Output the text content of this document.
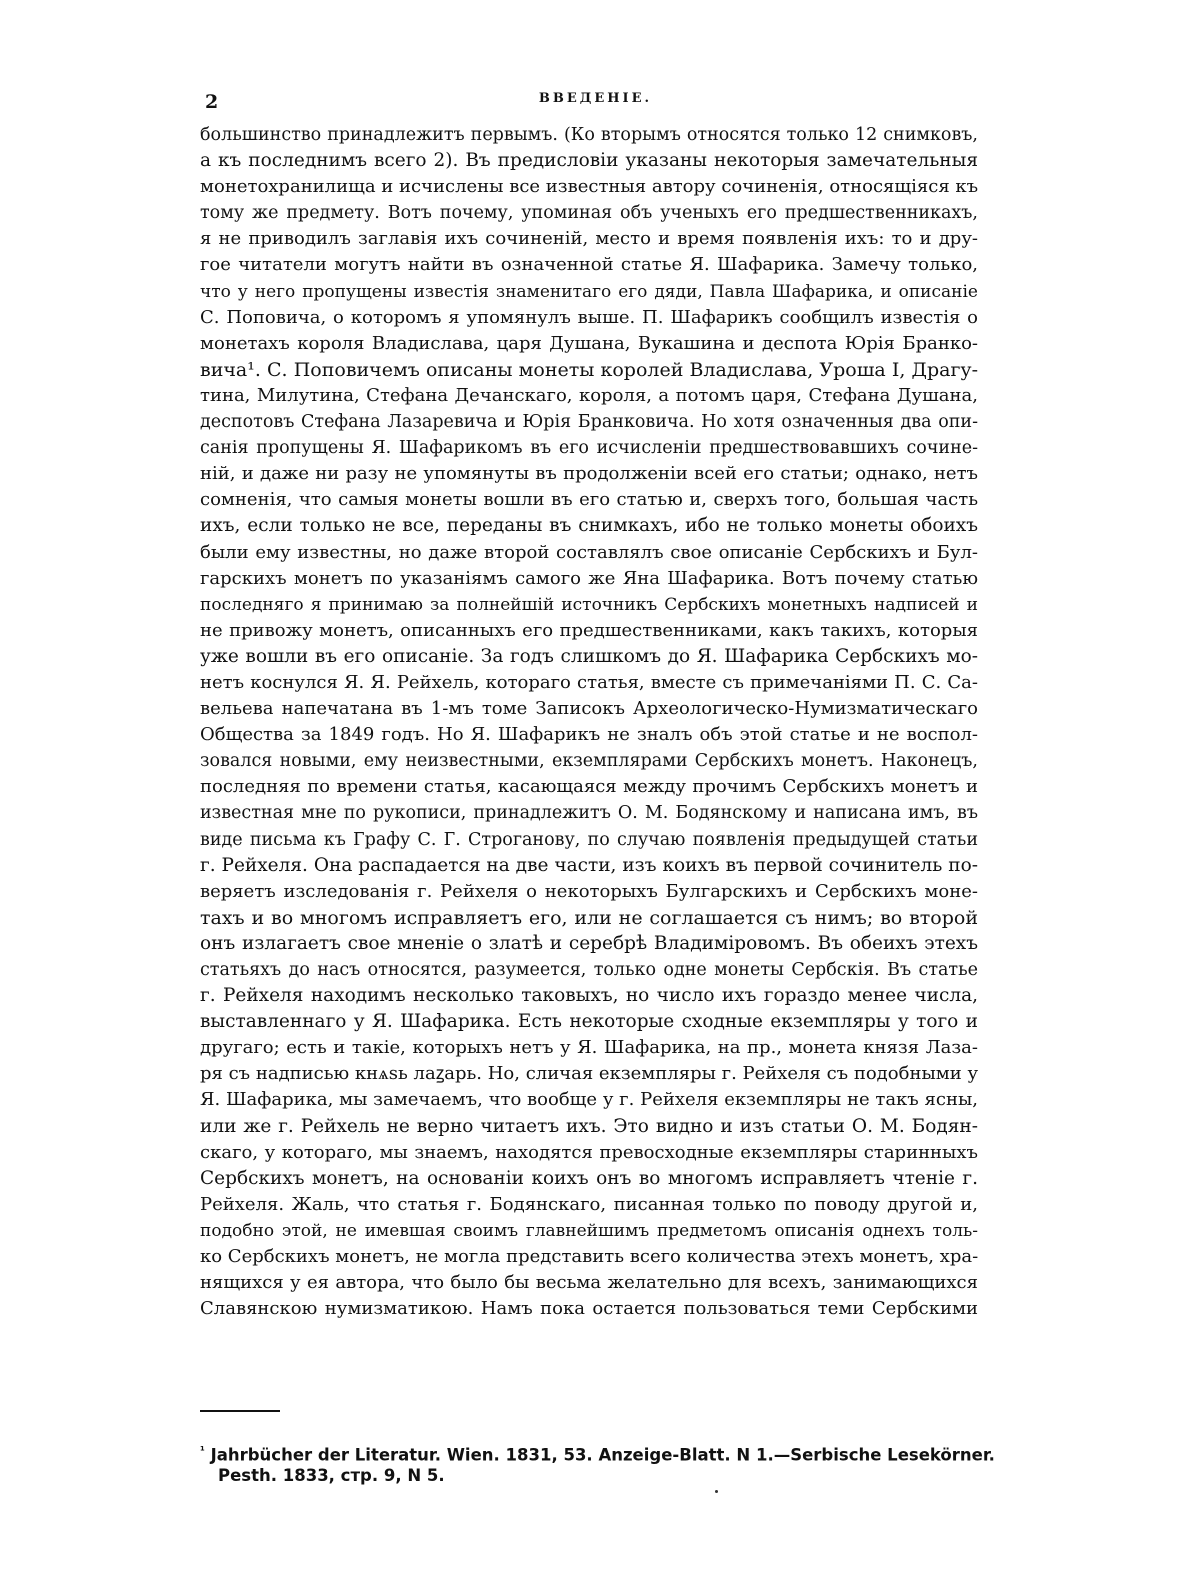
2	ВВЕДЕНІЕ.
большинство принадлежитъ первымъ. (Ко вторымъ относятся только 12 снимковъ,
а къ последнимъ всего 2). Въ предисловіи указаны некоторыя замечательныя
монетохранилища и исчислены все известныя автору сочиненія, относящіяся къ
тому же предмету. Вотъ почему, упоминая объ ученыхъ его предшественникахъ,
я не приводилъ заглавія ихъ сочиненій, место и время появленія ихъ: то и дру-
гое читатели могутъ найти въ означенной статье Я. Шафарика. Замечу только,
что у него пропущены известія знаменитаго его дяди, Павла Шафарика, и описаніе
С. Поповича, о которомъ я упомянулъ выше. П. Шафарикъ сообщилъ известія о
монетахъ короля Владислава, царя Душана, Вукашина и деспота Юрія Бранко-
вича¹. С. Поповичемъ описаны монеты королей Владислава, Уроша I, Драгу-
тина, Милутина, Стефана Дечанскаго, короля, а потомъ царя, Стефана Душана,
деспотовъ Стефана Лазаревича и Юрія Бранковича. Но хотя означенныя два опи-
санія пропущены Я. Шафарикомъ въ его исчисленіи предшествовавшихъ сочине-
ній, и даже ни разу не упомянуты въ продолженіи всей его статьи; однако, нетъ
сомненія, что самыя монеты вошли въ его статью и, сверхъ того, большая часть
ихъ, если только не все, переданы въ снимкахъ, ибо не только монеты обоихъ
были ему известны, но даже второй составлялъ свое описаніе Сербскихъ и Бул-
гарскихъ монетъ по указаніямъ самого же Яна Шафарика. Вотъ почему статью
последняго я принимаю за полнейшій источникъ Сербскихъ монетныхъ надписей и
не привожу монетъ, описанныхъ его предшественниками, какъ такихъ, которыя
уже вошли въ его описаніе. За годъ слишкомъ до Я. Шафарика Сербскихъ мо-
нетъ коснулся Я. Я. Рейхель, котораго статья, вместе съ примечаніями П. С. Са-
вельева напечатана въ 1-мъ томе Записокъ Археологическо-Нумизматическаго
Общества за 1849 годъ. Но Я. Шафарикъ не зналъ объ этой статье и не воспол-
зовался новыми, ему неизвестными, екземплярами Сербскихъ монетъ. Наконецъ,
последняя по времени статья, касающаяся между прочимъ Сербскихъ монетъ и
известная мне по рукописи, принадлежитъ О. М. Бодянскому и написана имъ, въ
виде письма къ Графу С. Г. Строганову, по случаю появленія предыдущей статьи
г. Рейхеля. Она распадается на две части, изъ коихъ въ первой сочинитель по-
веряетъ изследованія г. Рейхеля о некоторыхъ Булгарскихъ и Сербскихъ моне-
тахъ и во многомъ исправляетъ его, или не соглашается съ нимъ; во второй
онъ излагаетъ свое мненіе о златѣ и серебрѣ Владиміровомъ. Въ обеихъ этехъ
статьяхъ до насъ относятся, разумеется, только одне монеты Сербскія. Въ статье
г. Рейхеля находимъ несколько таковыхъ, но число ихъ гораздо менее числа,
выставленнаго у Я. Шафарика. Есть некоторые сходные екземпляры у того и
другаго; есть и такіе, которыхъ нетъ у Я. Шафарика, на пр., монета князя Лаза-
ря съ надписью кнѧѕь лаꙁарь. Но, сличая екземпляры г. Рейхеля съ подобными у
Я. Шафарика, мы замечаемъ, что вообще у г. Рейхеля екземпляры не такъ ясны,
или же г. Рейхель не верно читаетъ ихъ. Это видно и изъ статьи О. М. Бодян-
скаго, у котораго, мы знаемъ, находятся превосходные екземпляры старинныхъ
Сербскихъ монетъ, на основаніи коихъ онъ во многомъ исправляетъ чтеніе г.
Рейхеля. Жаль, что статья г. Бодянскаго, писанная только по поводу другой и,
подобно этой, не имевшая своимъ главнейшимъ предметомъ описанія однехъ толь-
ко Сербскихъ монетъ, не могла представить всего количества этехъ монетъ, хра-
нящихся у ея автора, что было бы весьма желательно для всехъ, занимающихся
Славянскою нумизматикою. Намъ пока остается пользоваться теми Сербскими
$^{^1}$ Jahrbücher der Literatur. Wien. 1831, 53. Anzeige-Blatt. N 1.—Serbische Lesekörner.
Pesth. 1833, стр. 9, N 5.
